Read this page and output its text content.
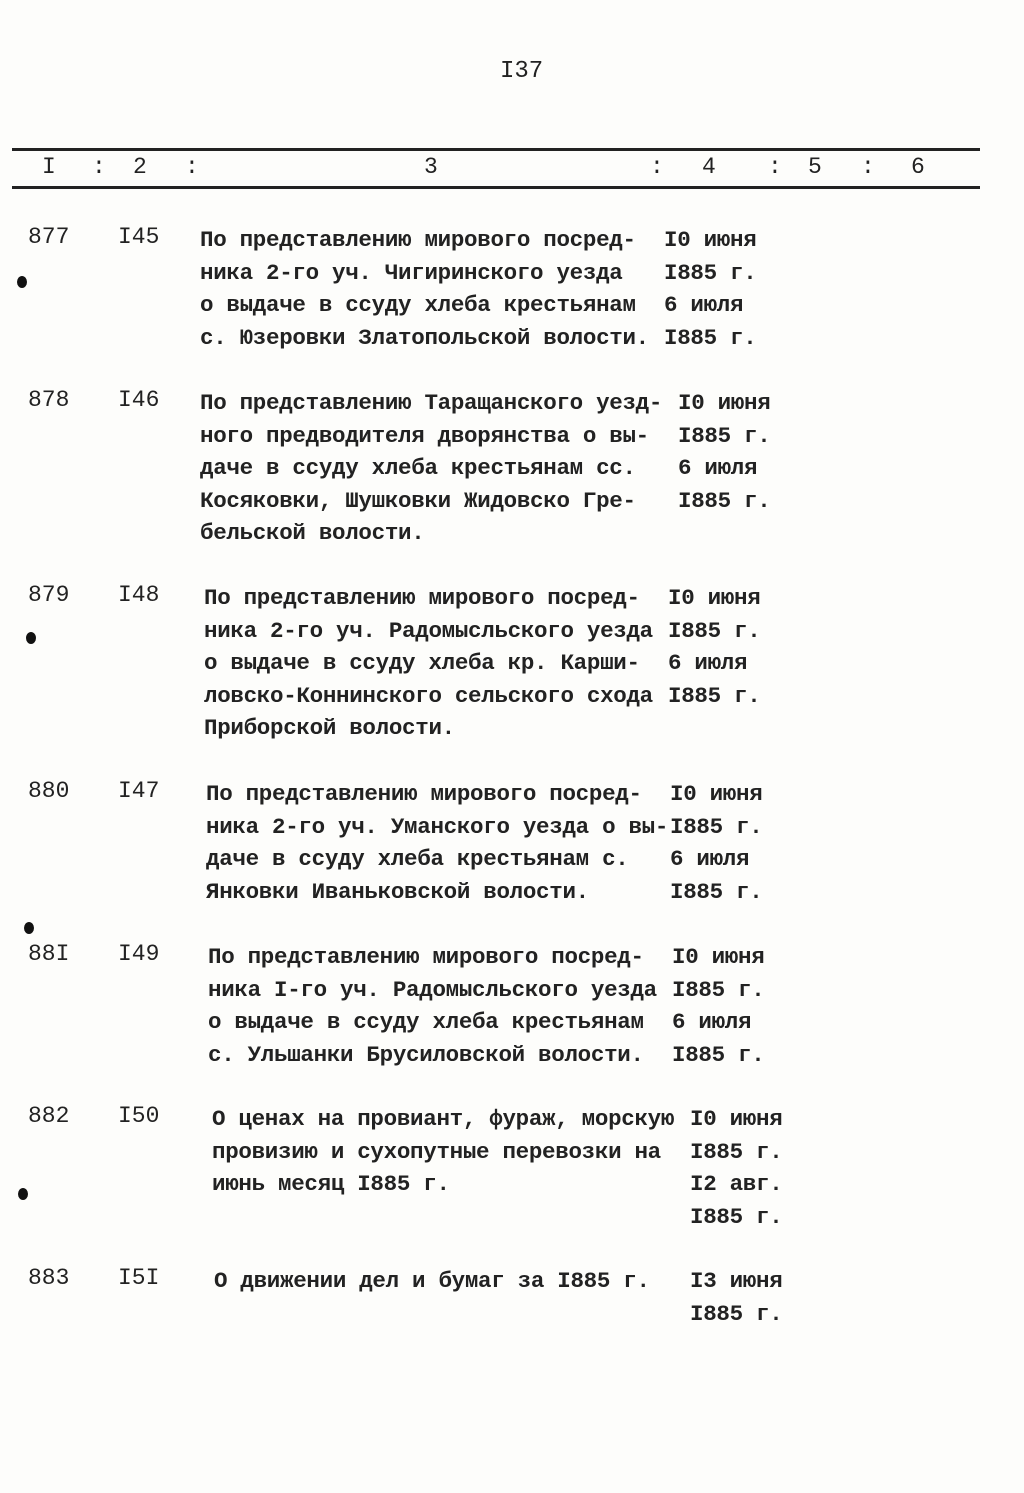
I37
I : 2 :	3	: 4 : 5 : 6
877 I45 По представлению мирового посред-
ника 2-го уч. Чигиринского уезда
о выдаче в ссуду хлеба крестьянам
с. Юзеровки Златопольской волости.
I0 июня
I885 г.
6 июля
I885 г.
878 I46 По представлению Таращанского уезд-
ного предводителя дворянства о вы-
даче в ссуду хлеба крестьянам сс.
Косяковки, Шушковки Жидовско Гре-
бельской волости.
I0 июня
I885 г.
6 июля
I885 г.
879 I48 По представлению мирового посред-
ника 2-го уч. Радомысльского уезда
о выдаче в ссуду хлеба кр. Карши-
ловско-Коннинского сельского схода
Приборской волости.
I0 июня
I885 г.
6 июля
I885 г.
880 I47 По представлению мирового посред-
ника 2-го уч. Уманского уезда о вы-
даче в ссуду хлеба крестьянам с.
Янковки Иваньковской волости.
I0 июня
I885 г.
6 июля
I885 г.
88I I49 По представлению мирового посред-
ника I-го уч. Радомысльского уезда
о выдаче в ссуду хлеба крестьянам
с. Ульшанки Брусиловской волости.
I0 июня
I885 г.
6 июля
I885 г.
882 I50 О ценах на провиант, фураж, морскую
провизию и сухопутные перевозки на
июнь месяц I885 г.
I0 июня
I885 г.
I2 авг.
I885 г.
883 I5I О движении дел и бумаг за I885 г. I3 июня
I885 г.
